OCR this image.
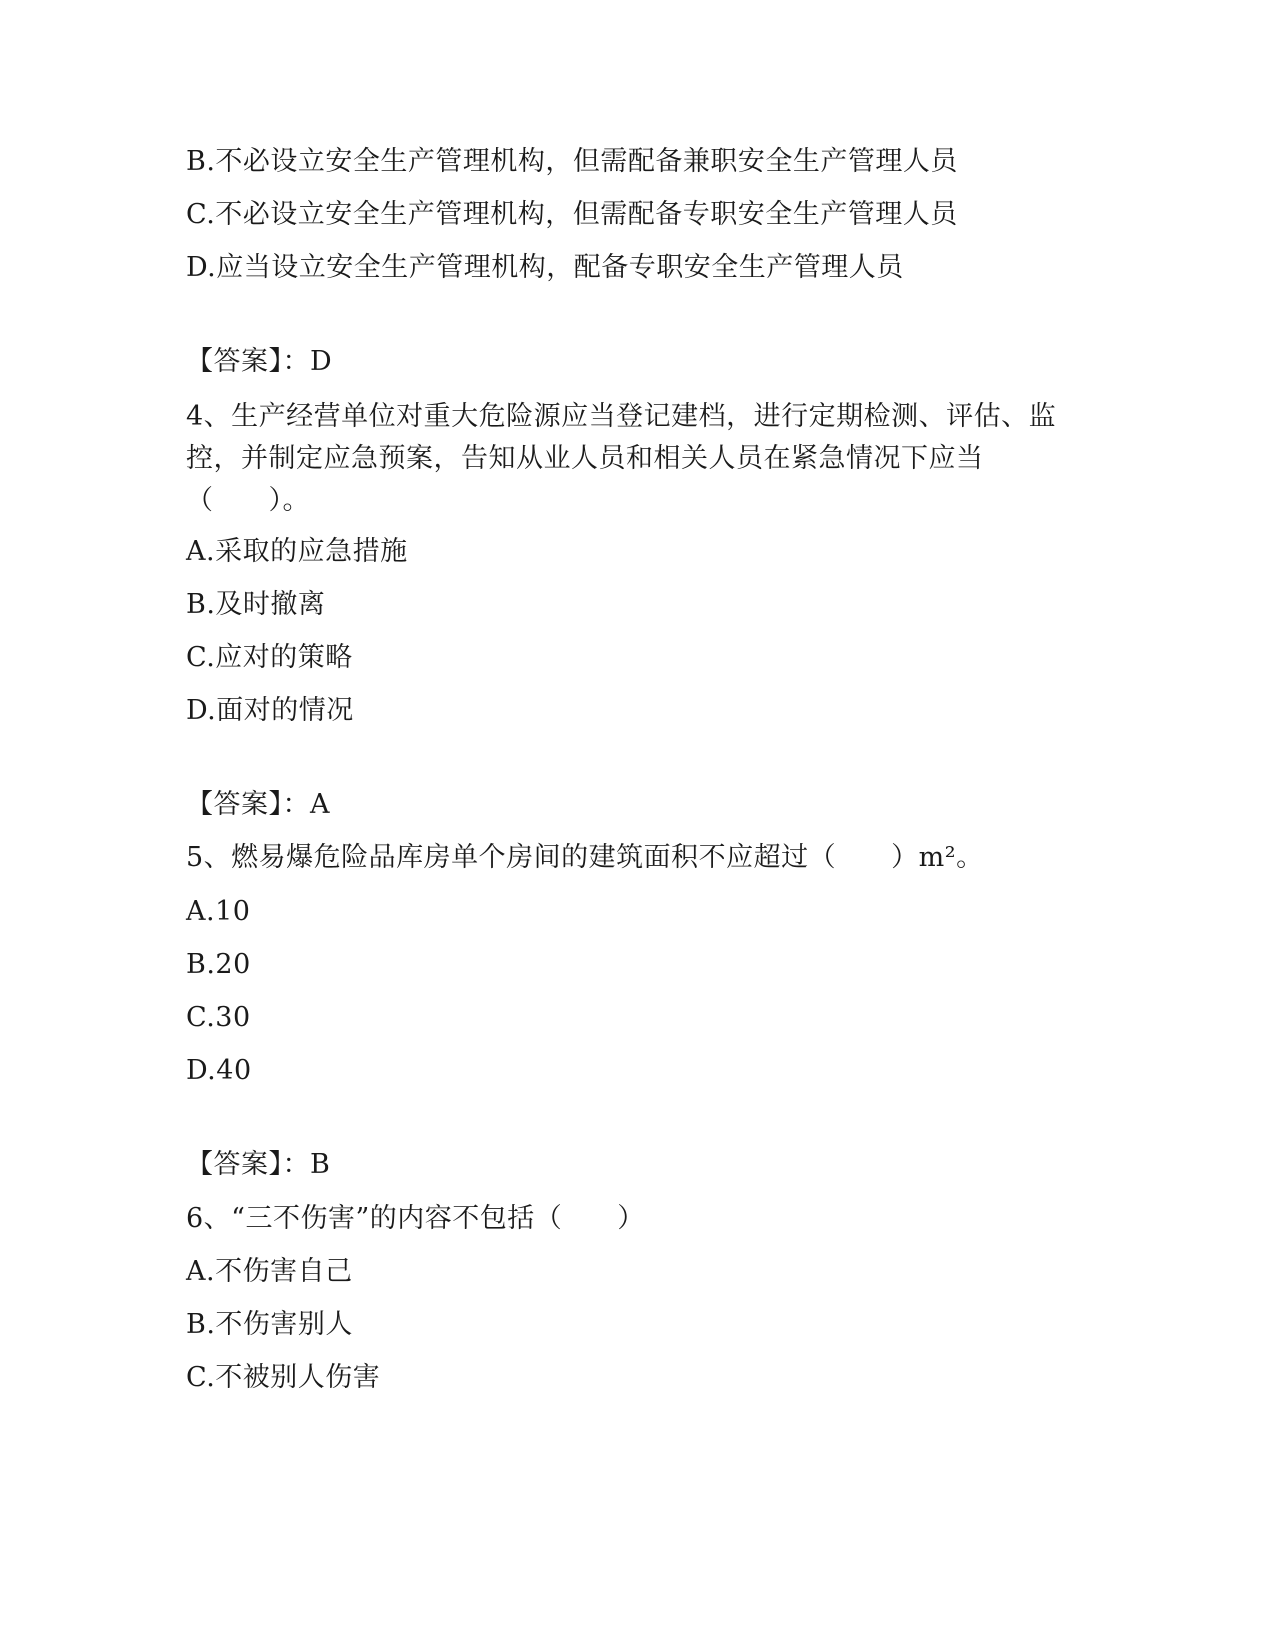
B.不必设立安全生产管理机构，但需配备兼职安全生产管理人员
C.不必设立安全生产管理机构，但需配备专职安全生产管理人员
D.应当设立安全生产管理机构，配备专职安全生产管理人员
【答案】：D
4、生产经营单位对重大危险源应当登记建档，进行定期检测、评估、监控，并制定应急预案，告知从业人员和相关人员在紧急情况下应当（　　）。
A.采取的应急措施
B.及时撤离
C.应对的策略
D.面对的情况
【答案】：A
5、燃易爆危险品库房单个房间的建筑面积不应超过（　　）m²。
A.10
B.20
C.30
D.40
【答案】：B
6、“三不伤害”的内容不包括（　　）
A.不伤害自己
B.不伤害别人
C.不被别人伤害
